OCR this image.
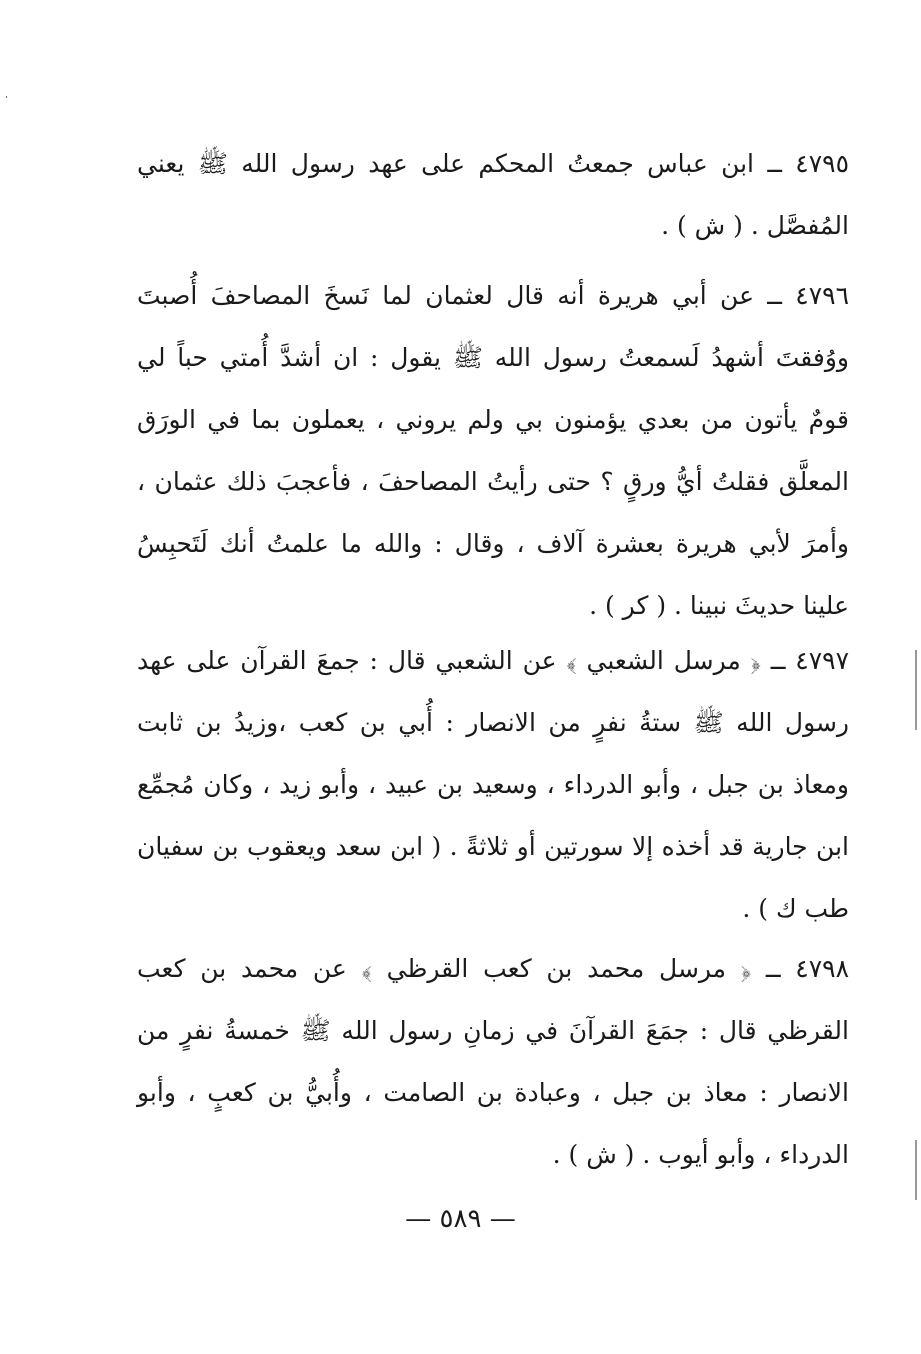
٤٧٩٥ ــ ابن عباس جمعتُ المحكم على عهد رسول الله ﷺ يعني المُفصَّل . ( ش ) .

٤٧٩٦ ــ عن أبي هريرة أنه قال لعثمان لما نَسخَ المصاحفَ أُصبتَ ووُفقتَ أشهدُ لَسمعتُ رسول الله ﷺ يقول : ان أشدَّ أُمتي حباً لي قومٌ يأتون من بعدي يؤمنون بي ولم يروني ، يعملون بما في الورَق المعلَّق فقلتُ أيُّ ورقٍ ؟ حتى رأيتُ المصاحفَ ، فأعجبَ ذلك عثمان ، وأمرَ لأبي هريرة بعشرة آلاف ، وقال : والله ما علمتُ أنك لَتَحبِسُ علينا حديثَ نبينا . ( كر ) .

٤٧٩٧ ــ ﴿ مرسل الشعبي ﴾ عن الشعبي قال : جمعَ القرآن على عهد رسول الله ﷺ ستةُ نفرٍ من الانصار : أُبي بن كعب ،وزيدُ بن ثابت ومعاذ بن جبل ، وأبو الدرداء ، وسعيد بن عبيد ، وأبو زيد ، وكان مُجمِّع ابن جارية قد أخذه إلا سورتين أو ثلاثةً . ( ابن سعد ويعقوب بن سفيان طب ك ) .

٤٧٩٨ ــ ﴿ مرسل محمد بن كعب القرظي ﴾ عن محمد بن كعب القرظي قال : جمَعَ القرآنَ في زمانِ رسول الله ﷺ خمسةُ نفرٍ من الانصار : معاذ بن جبل ، وعبادة بن الصامت ، وأُبيُّ بن كعبٍ ، وأبو الدرداء ، وأبو أيوب . ( ش ) .

— ٥٨٩ —
